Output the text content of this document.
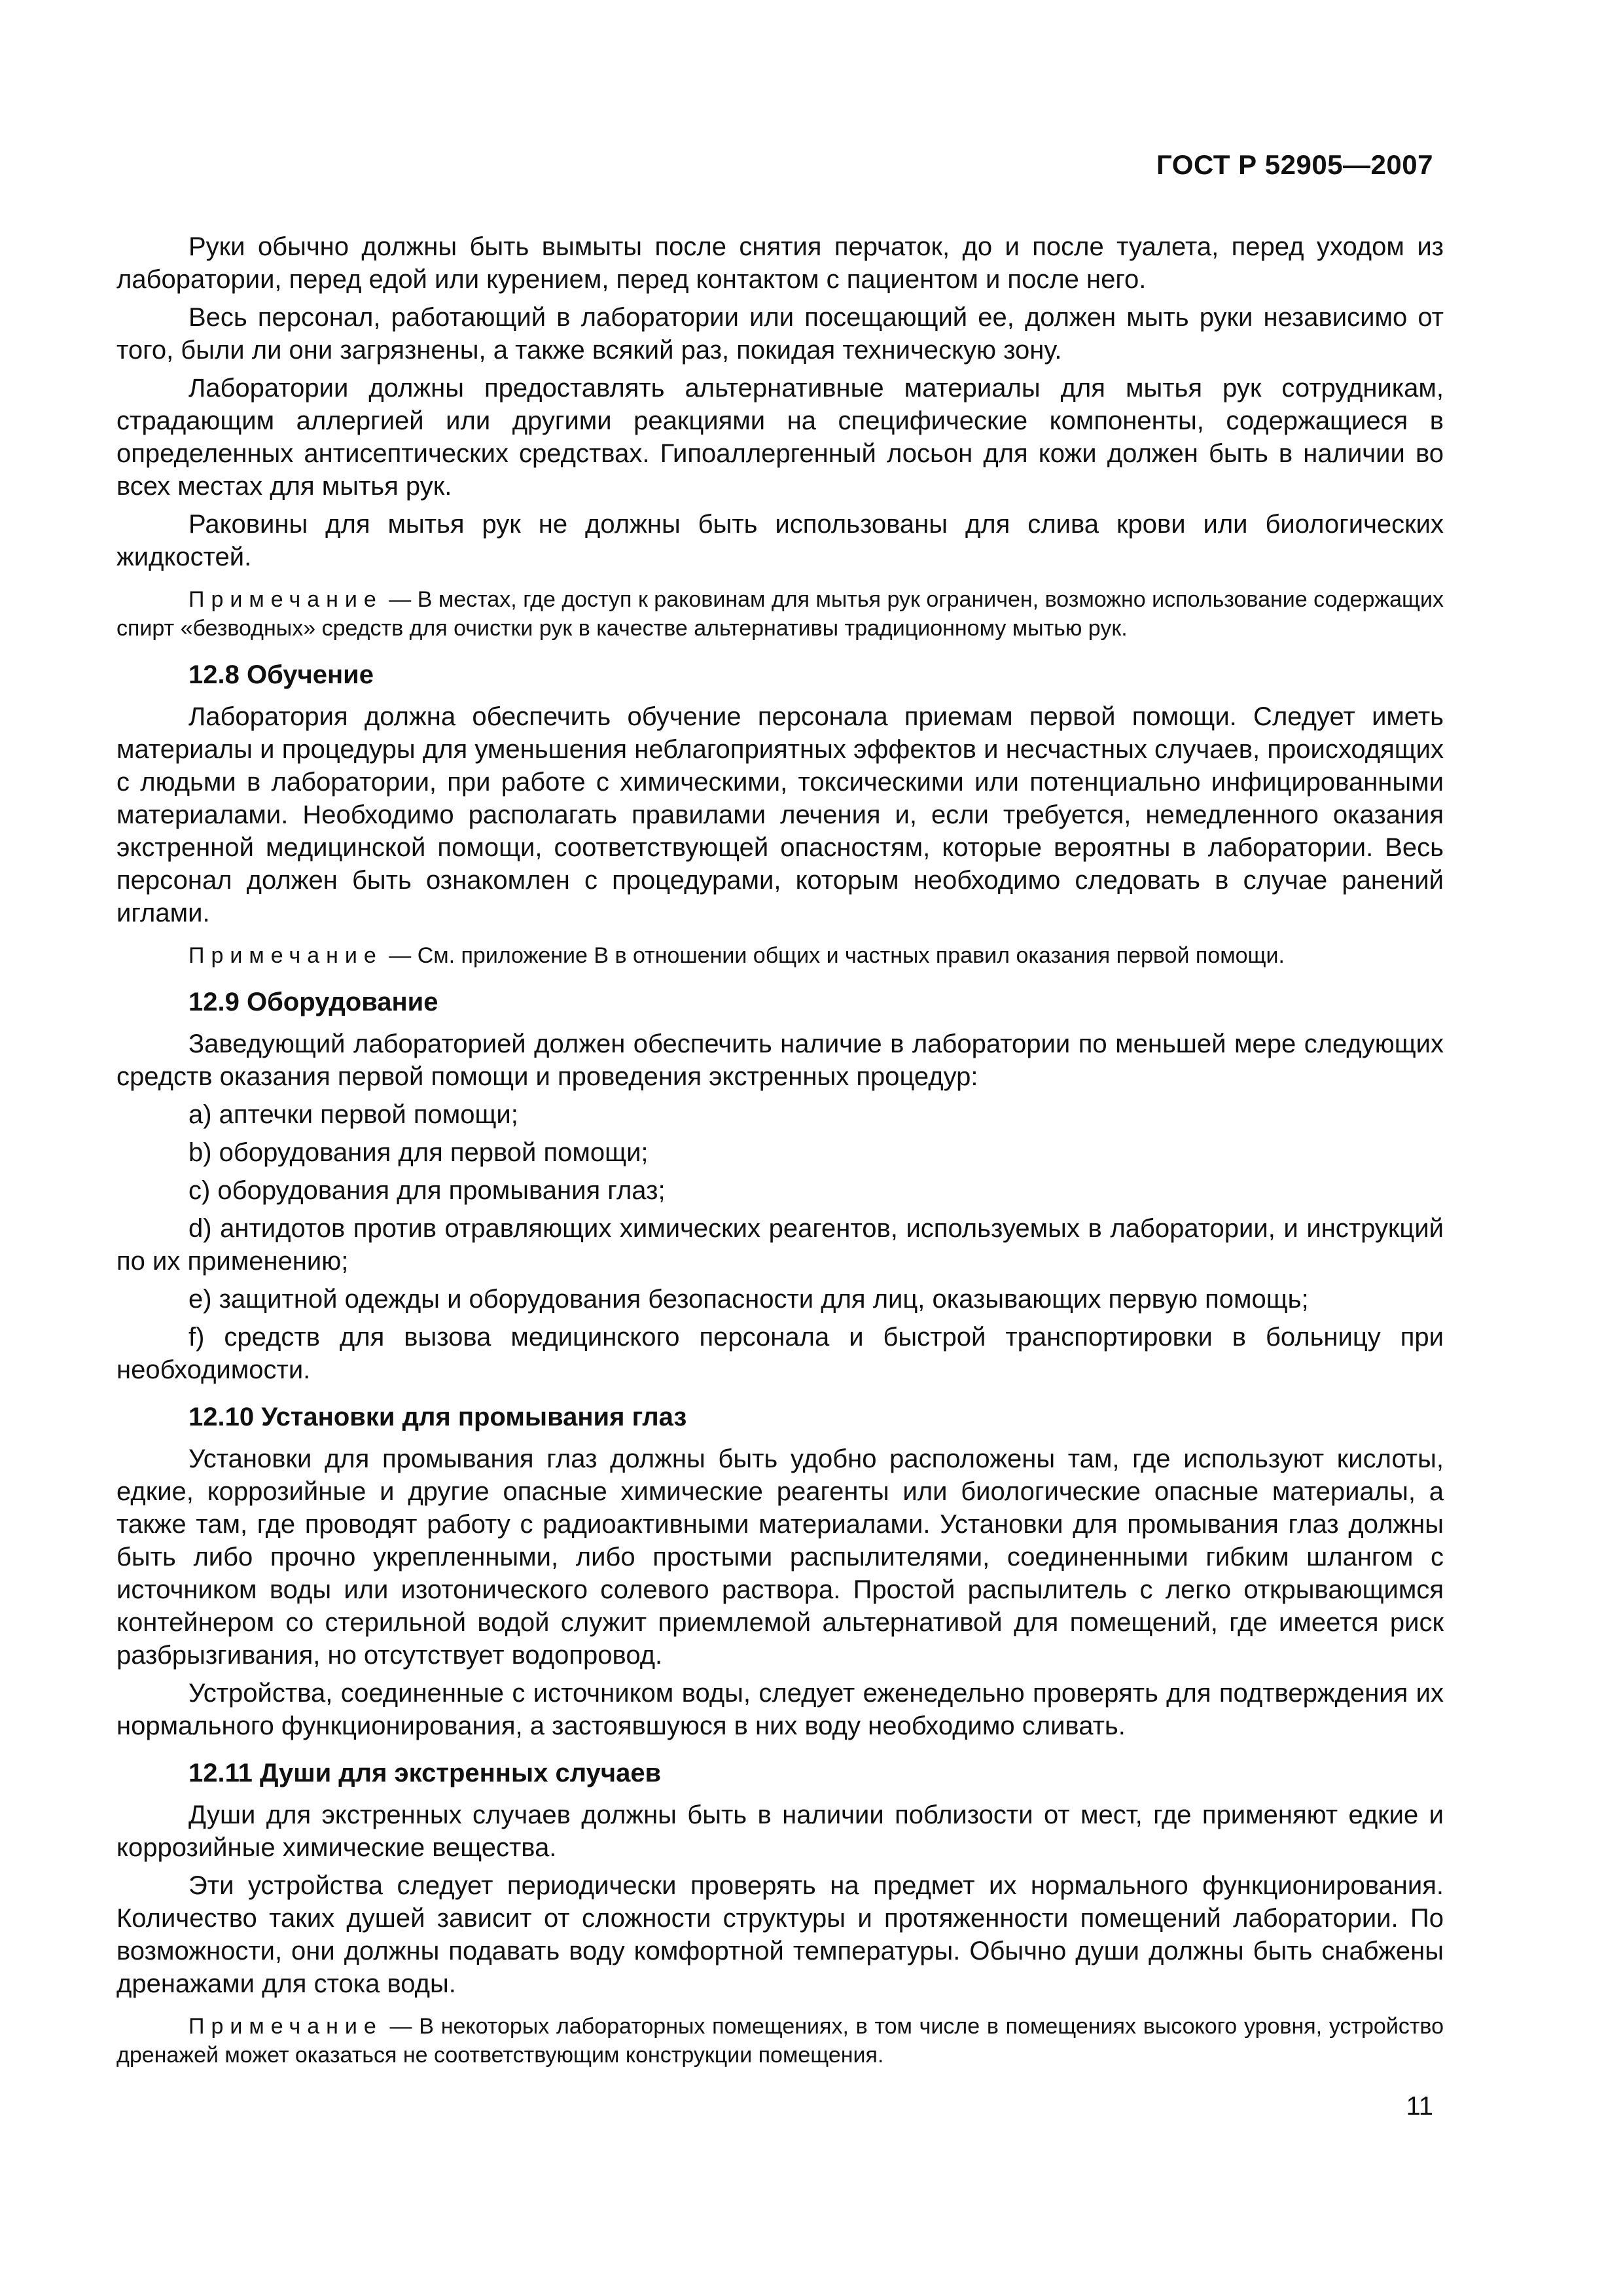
ГОСТ Р 52905—2007

Руки обычно должны быть вымыты после снятия перчаток, до и после туалета, перед уходом из лаборатории, перед едой или курением, перед контактом с пациентом и после него.

Весь персонал, работающий в лаборатории или посещающий ее, должен мыть руки независимо от того, были ли они загрязнены, а также всякий раз, покидая техническую зону.

Лаборатории должны предоставлять альтернативные материалы для мытья рук сотрудникам, страдающим аллергией или другими реакциями на специфические компоненты, содержащиеся в определенных антисептических средствах. Гипоаллергенный лосьон для кожи должен быть в наличии во всех местах для мытья рук.

Раковины для мытья рук не должны быть использованы для слива крови или биологических жидкостей.

Примечание — В местах, где доступ к раковинам для мытья рук ограничен, возможно использование содержащих спирт «безводных» средств для очистки рук в качестве альтернативы традиционному мытью рук.

12.8 Обучение

Лаборатория должна обеспечить обучение персонала приемам первой помощи. Следует иметь материалы и процедуры для уменьшения неблагоприятных эффектов и несчастных случаев, происходящих с людьми в лаборатории, при работе с химическими, токсическими или потенциально инфицированными материалами. Необходимо располагать правилами лечения и, если требуется, немедленного оказания экстренной медицинской помощи, соответствующей опасностям, которые вероятны в лаборатории. Весь персонал должен быть ознакомлен с процедурами, которым необходимо следовать в случае ранений иглами.

Примечание — См. приложение В в отношении общих и частных правил оказания первой помощи.

12.9 Оборудование

Заведующий лабораторией должен обеспечить наличие в лаборатории по меньшей мере следующих средств оказания первой помощи и проведения экстренных процедур:

a) аптечки первой помощи;

b) оборудования для первой помощи;

c) оборудования для промывания глаз;

d) антидотов против отравляющих химических реагентов, используемых в лаборатории, и инструкций по их применению;

e) защитной одежды и оборудования безопасности для лиц, оказывающих первую помощь;

f) средств для вызова медицинского персонала и быстрой транспортировки в больницу при необходимости.

12.10 Установки для промывания глаз

Установки для промывания глаз должны быть удобно расположены там, где используют кислоты, едкие, коррозийные и другие опасные химические реагенты или биологические опасные материалы, а также там, где проводят работу с радиоактивными материалами. Установки для промывания глаз должны быть либо прочно укрепленными, либо простыми распылителями, соединенными гибким шлангом с источником воды или изотонического солевого раствора. Простой распылитель с легко открывающимся контейнером со стерильной водой служит приемлемой альтернативой для помещений, где имеется риск разбрызгивания, но отсутствует водопровод.

Устройства, соединенные с источником воды, следует еженедельно проверять для подтверждения их нормального функционирования, а застоявшуюся в них воду необходимо сливать.

12.11 Души для экстренных случаев

Души для экстренных случаев должны быть в наличии поблизости от мест, где применяют едкие и коррозийные химические вещества.

Эти устройства следует периодически проверять на предмет их нормального функционирования. Количество таких душей зависит от сложности структуры и протяженности помещений лаборатории. По возможности, они должны подавать воду комфортной температуры. Обычно души должны быть снабжены дренажами для стока воды.

Примечание — В некоторых лабораторных помещениях, в том числе в помещениях высокого уровня, устройство дренажей может оказаться не соответствующим конструкции помещения.

11
